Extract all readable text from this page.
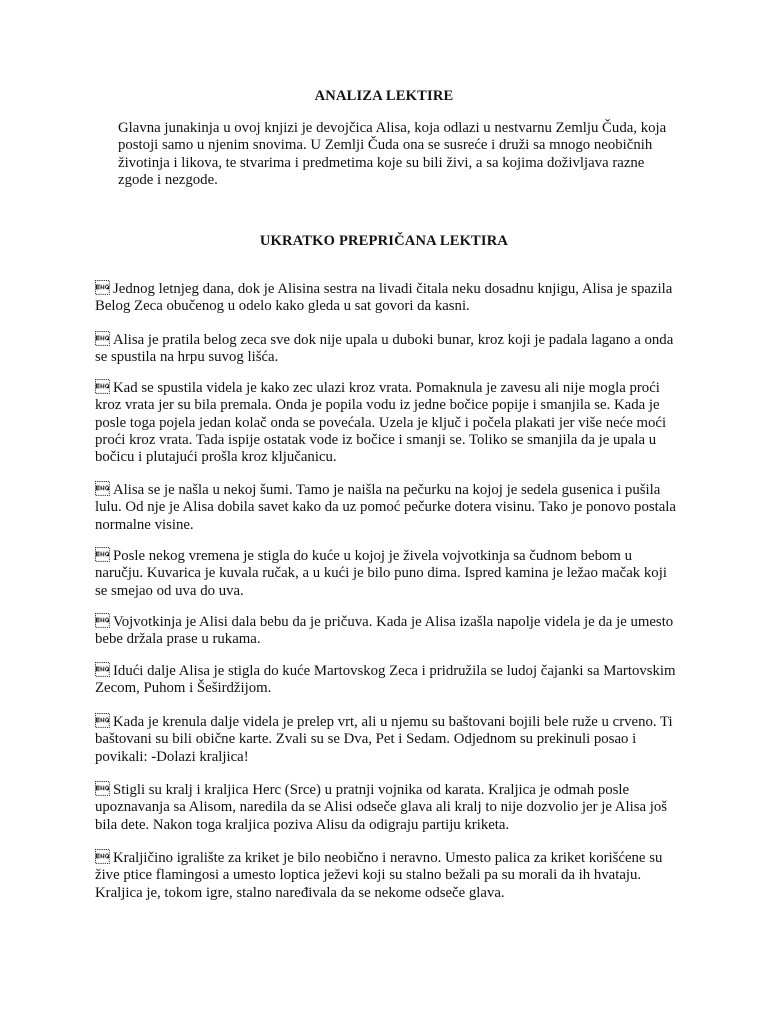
ANALIZA LEKTIRE

Glavna junakinja u ovoj knjizi je devojčica Alisa, koja odlazi u nestvarnu Zemlju Čuda, koja postoji samo u njenim snovima. U Zemlji Čuda ona se susreće i druži sa mnogo neobičnih životinja i likova, te stvarima i predmetima koje su bili živi, a sa kojima doživljava razne zgode i nezgode.

UKRATKO PREPRIČANA LEKTIRA

 Jednog letnjeg dana, dok je Alisina sestra na livadi čitala neku dosadnu knjigu, Alisa je spazila Belog Zeca obučenog u odelo kako gleda u sat govori da kasni.

 Alisa je pratila belog zeca sve dok nije upala u duboki bunar, kroz koji je padala lagano a onda se spustila na hrpu suvog lišća.

 Kad se spustila videla je kako zec ulazi kroz vrata. Pomaknula je zavesu ali nije mogla proći kroz vrata jer su bila premala. Onda je popila vodu iz jedne bočice popije i smanjila se. Kada je posle toga pojela jedan kolač onda se povećala. Uzela je ključ i počela plakati jer više neće moći proći kroz vrata. Tada ispije ostatak vode iz bočice i smanji se. Toliko se smanjila da je upala u bočicu i plutajući prošla kroz ključanicu.

 Alisa se je našla u nekoj šumi. Tamo je naišla na pečurku na kojoj je sedela gusenica i pušila lulu. Od nje je Alisa dobila savet kako da uz pomoć pečurke dotera visinu. Tako je ponovo postala normalne visine.

 Posle nekog vremena je stigla do kuće u kojoj je živela vojvotkinja sa čudnom bebom u naručju. Kuvarica je kuvala ručak, a u kući je bilo puno dima. Ispred kamina je ležao mačak koji se smejao od uva do uva.

 Vojvotkinja je Alisi dala bebu da je pričuva. Kada je Alisa izašla napolje videla je da je umesto bebe držala prase u rukama.

 Idući dalje Alisa je stigla do kuće Martovskog Zeca i pridružila se ludoj čajanki sa Martovskim Zecom, Puhom i Šeširdžijom.

 Kada je krenula dalje videla je prelep vrt, ali u njemu su baštovani bojili bele ruže u crveno. Ti baštovani su bili obične karte. Zvali su se Dva, Pet i Sedam. Odjednom su prekinuli posao i povikali: -Dolazi kraljica!

 Stigli su kralj i kraljica Herc (Srce) u pratnji vojnika od karata. Kraljica je odmah posle upoznavanja sa Alisom, naredila da se Alisi odseče glava ali kralj to nije dozvolio jer je Alisa još bila dete. Nakon toga kraljica poziva Alisu da odigraju partiju kriketa.

 Kraljičino igralište za kriket je bilo neobično i neravno. Umesto palica za kriket korišćene su žive ptice flamingosi a umesto loptica ježevi koji su stalno bežali pa su morali da ih hvataju. Kraljica je, tokom igre, stalno naređivala da se nekome odseče glava.
